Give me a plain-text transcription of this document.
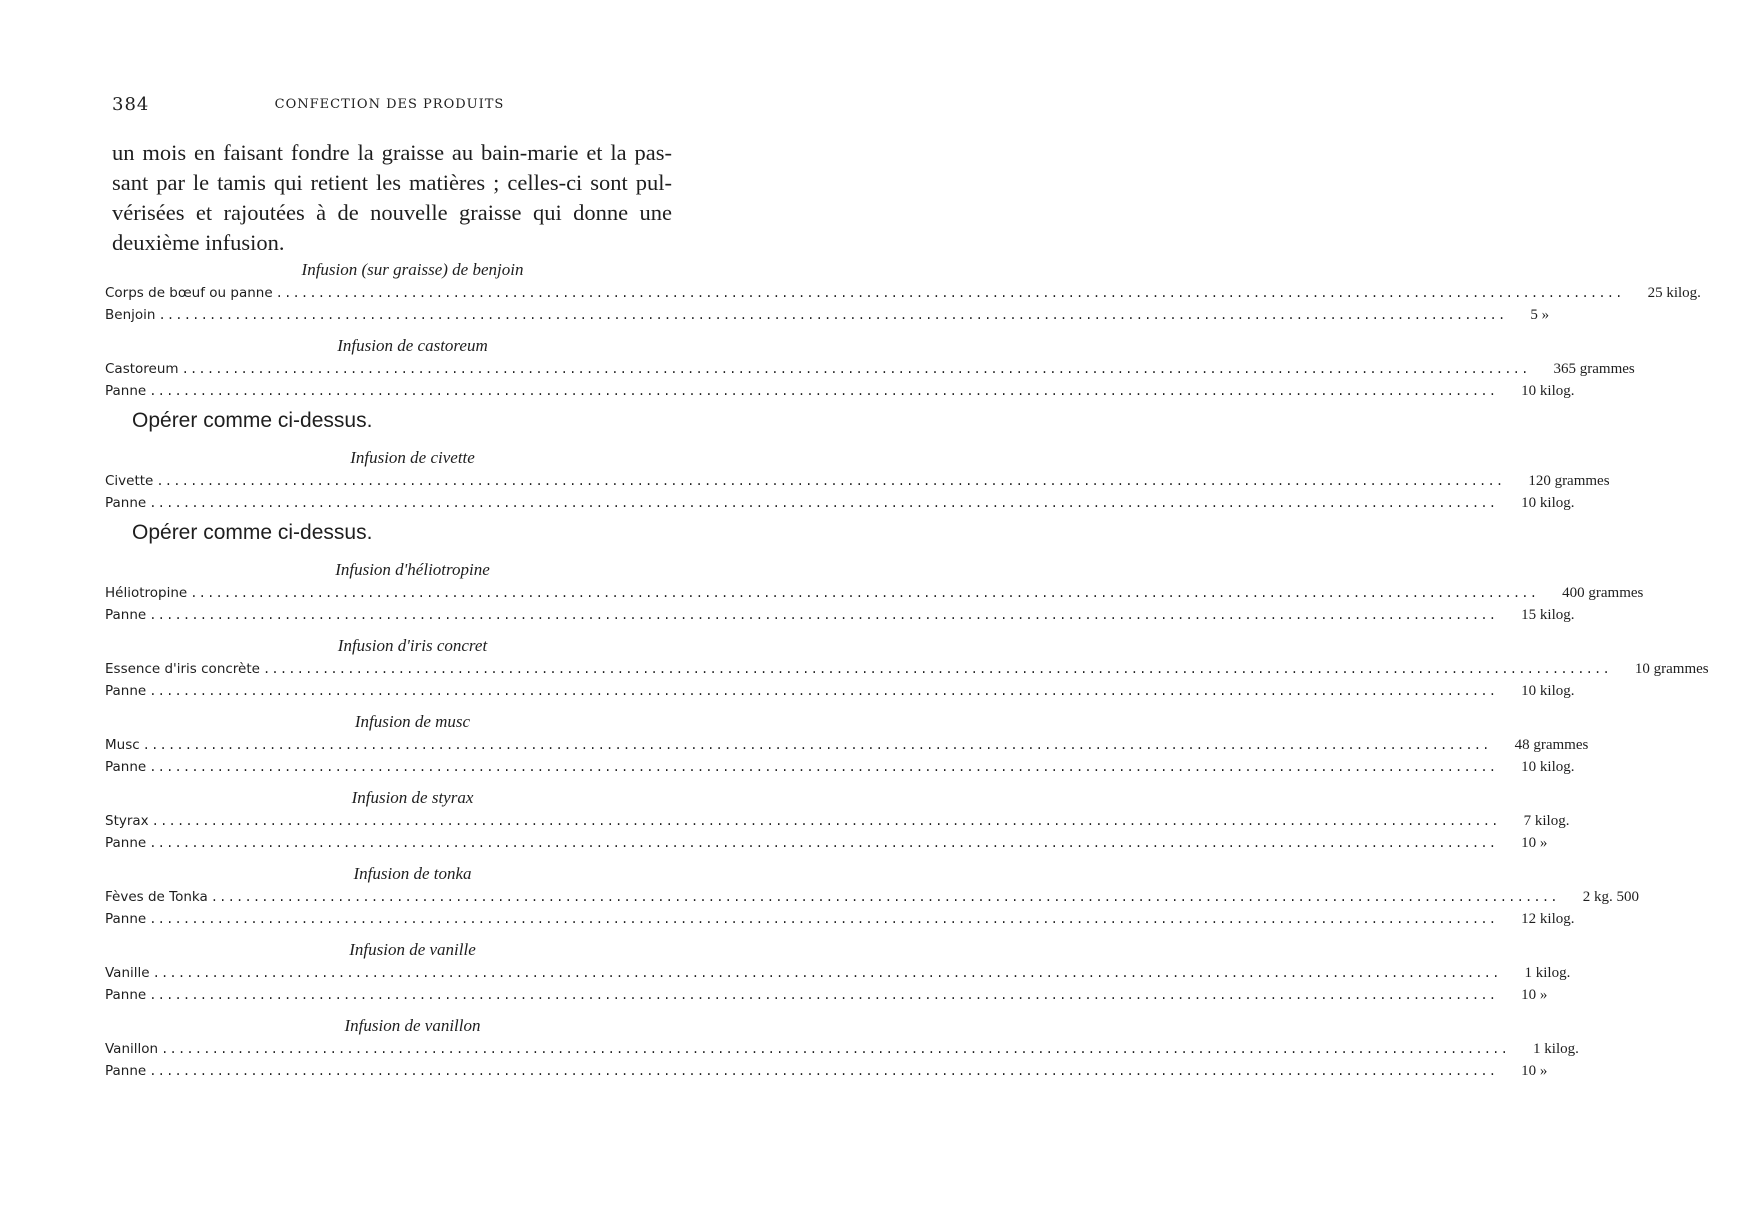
384	CONFECTION DES PRODUITS
un mois en faisant fondre la graisse au bain-marie et la pas-
sant par le tamis qui retient les matières ; celles-ci sont pul-
vérisées et rajoutées à de nouvelle graisse qui donne une
deuxième infusion.
Infusion (sur graisse) de benjoin
Corps de bœuf ou panne ................................................................................................................................................................	25 kilog.
Benjoin ................................................................................................................................................................	5 »
Infusion de castoreum
Castoreum ................................................................................................................................................................	365 grammes
Panne ................................................................................................................................................................	10 kilog.
Opérer comme ci-dessus.
Infusion de civette
Civette ................................................................................................................................................................	120 grammes
Panne ................................................................................................................................................................	10 kilog.
Opérer comme ci-dessus.
Infusion d'héliotropine
Héliotropine ................................................................................................................................................................	400 grammes
Panne ................................................................................................................................................................	15 kilog.
Infusion d'iris concret
Essence d'iris concrète ................................................................................................................................................................	10 grammes
Panne ................................................................................................................................................................	10 kilog.
Infusion de musc
Musc ................................................................................................................................................................	48 grammes
Panne ................................................................................................................................................................	10 kilog.
Infusion de styrax
Styrax ................................................................................................................................................................	7 kilog.
Panne ................................................................................................................................................................	10 »
Infusion de tonka
Fèves de Tonka ................................................................................................................................................................	2 kg. 500
Panne ................................................................................................................................................................	12 kilog.
Infusion de vanille
Vanille ................................................................................................................................................................	1 kilog.
Panne ................................................................................................................................................................	10 »
Infusion de vanillon
Vanillon ................................................................................................................................................................	1 kilog.
Panne ................................................................................................................................................................	10 »
